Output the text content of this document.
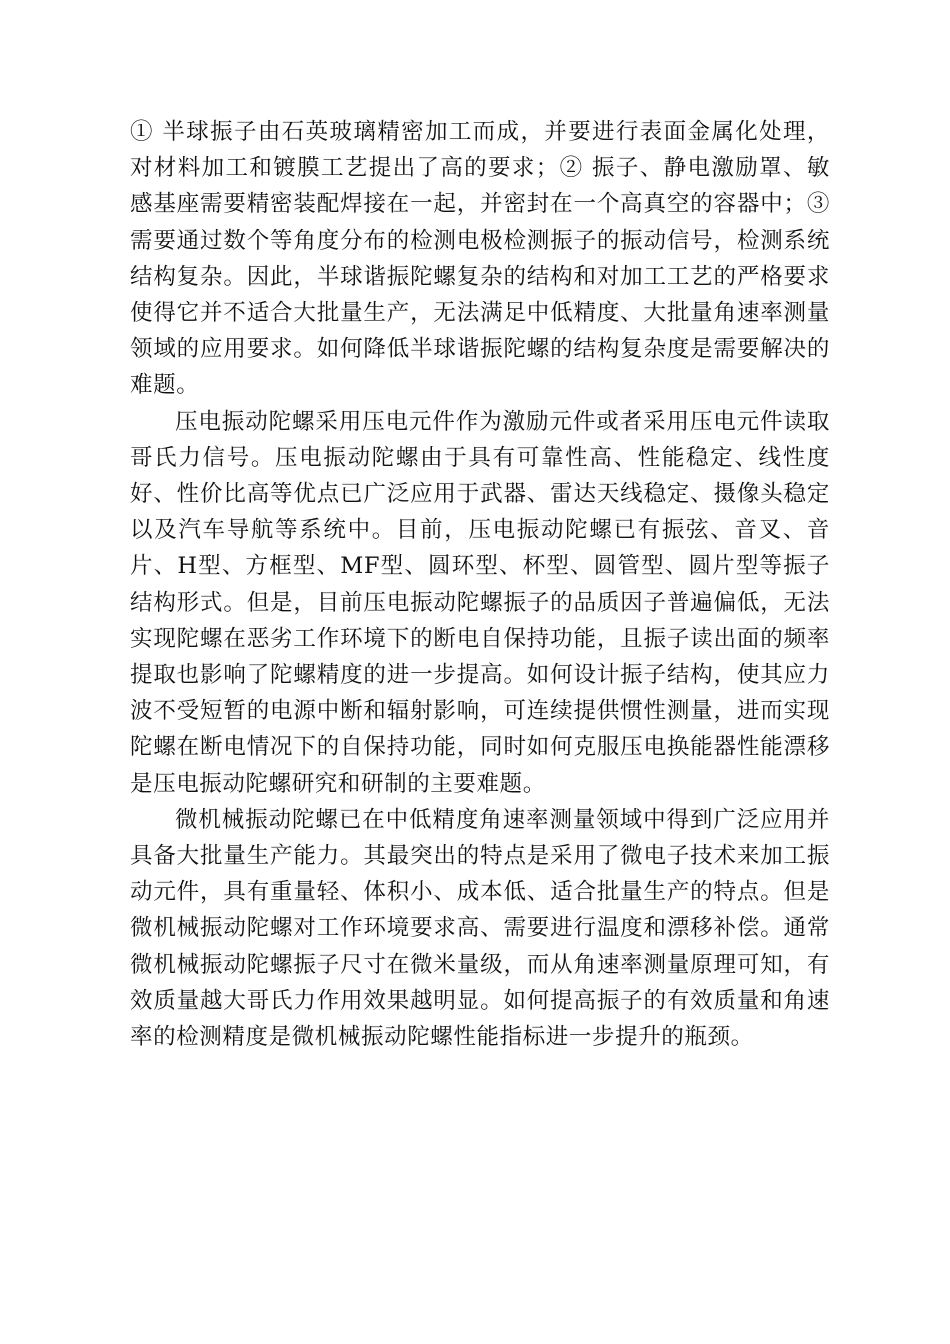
① 半球振子由石英玻璃精密加工而成，并要进行表面金属化处理，对材料加工和镀膜工艺提出了高的要求；② 振子、静电激励罩、敏感基座需要精密装配焊接在一起，并密封在一个高真空的容器中；③需要通过数个等角度分布的检测电极检测振子的振动信号，检测系统结构复杂。因此，半球谐振陀螺复杂的结构和对加工工艺的严格要求使得它并不适合大批量生产，无法满足中低精度、大批量角速率测量领域的应用要求。如何降低半球谐振陀螺的结构复杂度是需要解决的难题。

压电振动陀螺采用压电元件作为激励元件或者采用压电元件读取哥氏力信号。压电振动陀螺由于具有可靠性高、性能稳定、线性度好、性价比高等优点已广泛应用于武器、雷达天线稳定、摄像头稳定以及汽车导航等系统中。目前，压电振动陀螺已有振弦、音叉、音片、H型、方框型、MF型、圆环型、杯型、圆管型、圆片型等振子结构形式。但是，目前压电振动陀螺振子的品质因子普遍偏低，无法实现陀螺在恶劣工作环境下的断电自保持功能，且振子读出面的频率提取也影响了陀螺精度的进一步提高。如何设计振子结构，使其应力波不受短暂的电源中断和辐射影响，可连续提供惯性测量，进而实现陀螺在断电情况下的自保持功能，同时如何克服压电换能器性能漂移是压电振动陀螺研究和研制的主要难题。

微机械振动陀螺已在中低精度角速率测量领域中得到广泛应用并具备大批量生产能力。其最突出的特点是采用了微电子技术来加工振动元件，具有重量轻、体积小、成本低、适合批量生产的特点。但是微机械振动陀螺对工作环境要求高、需要进行温度和漂移补偿。通常微机械振动陀螺振子尺寸在微米量级，而从角速率测量原理可知，有效质量越大哥氏力作用效果越明显。如何提高振子的有效质量和角速率的检测精度是微机械振动陀螺性能指标进一步提升的瓶颈。
